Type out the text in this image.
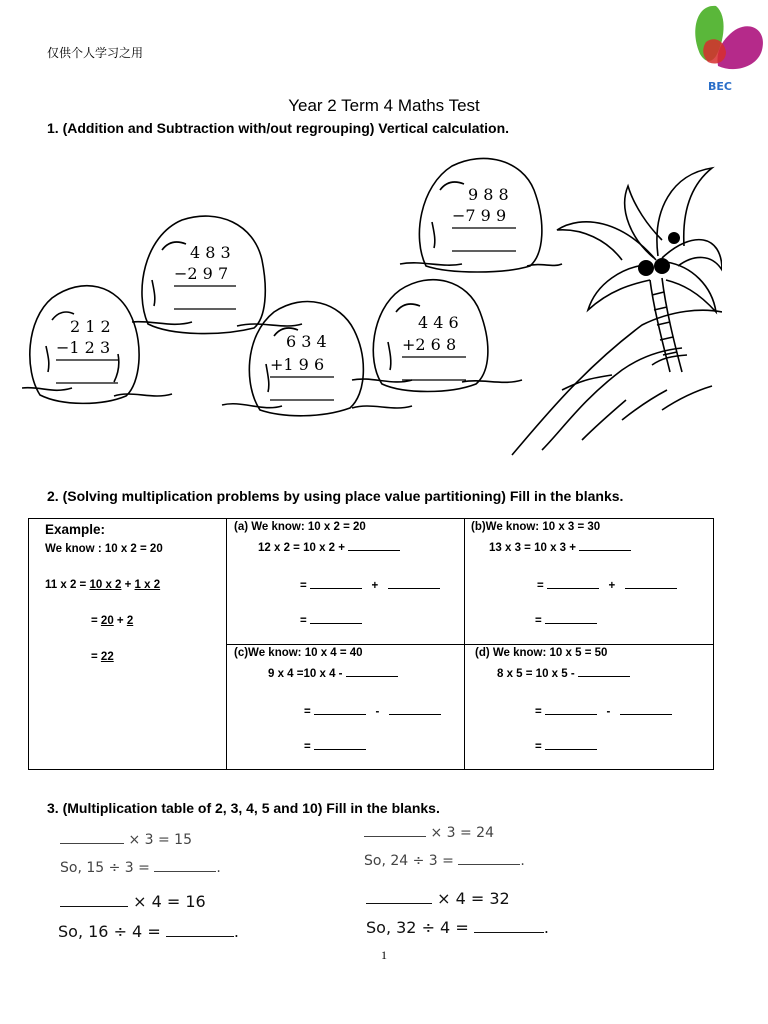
仅供个人学习之用
BEC
Year 2 Term 4 Maths Test
1. (Addition and Subtraction with/out regrouping) Vertical calculation.
2 1 2
−1 2 3
4 8 3
−2 9 7
6 3 4
+1 9 6
4 4 6
+2 6 8
9 8 8
−7 9 9
2. (Solving multiplication problems by using place value partitioning) Fill in the blanks.
Example:
We know : 10 x 2 = 20
11 x 2 = 10 x 2 + 1 x 2
= 20 + 2
= 22
(a) We know: 10 x 2 = 20
12 x 2 = 10 x 2 +
=	+
=
(b)We know: 10 x 3 = 30
13 x 3 = 10 x 3 +
=	+
=
(c)We know: 10 x 4 = 40
9 x 4 =10 x 4 -
=	-
=
(d) We know: 10 x 5 = 50
8 x 5 = 10 x 5 -
=	-
=
3. (Multiplication table of 2, 3, 4, 5 and 10) Fill in the blanks.
× 3 = 15
So, 15 ÷ 3 =	.
× 3 = 24
So, 24 ÷ 3 =	.
× 4 = 16
So, 16 ÷ 4 =	.
× 4 = 32
So, 32 ÷ 4 =	.
1
